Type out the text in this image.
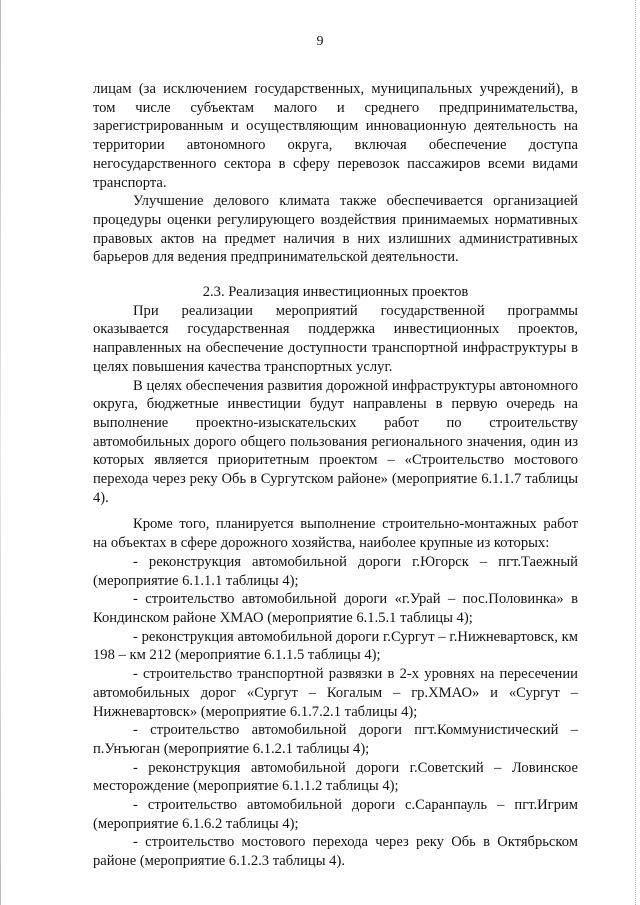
9

лицам (за исключением государственных, муниципальных учреждений), в том числе субъектам малого и среднего предпринимательства, зарегистрированным и осуществляющим инновационную деятельность на территории автономного округа, включая обеспечение доступа негосударственного сектора в сферу перевозок пассажиров всеми видами транспорта.

Улучшение делового климата также обеспечивается организацией процедуры оценки регулирующего воздействия принимаемых нормативных правовых актов на предмет наличия в них излишних административных барьеров для ведения предпринимательской деятельности.

2.3. Реализация инвестиционных проектов

При реализации мероприятий государственной программы оказывается государственная поддержка инвестиционных проектов, направленных на обеспечение доступности транспортной инфраструктуры в целях повышения качества транспортных услуг.

В целях обеспечения развития дорожной инфраструктуры автономного округа, бюджетные инвестиции будут направлены в первую очередь на выполнение проектно-изыскательских работ по строительству автомобильных дорого общего пользования регионального значения, один из которых является приоритетным проектом – «Строительство мостового перехода через реку Обь в Сургутском районе» (мероприятие 6.1.1.7 таблицы 4).

Кроме того, планируется выполнение строительно-монтажных работ на объектах в сфере дорожного хозяйства, наиболее крупные из которых:

- реконструкция автомобильной дороги г.Югорск – пгт.Таежный (мероприятие 6.1.1.1 таблицы 4);

- строительство автомобильной дороги «г.Урай – пос.Половинка» в Кондинском районе ХМАО (мероприятие 6.1.5.1 таблицы 4);

- реконструкция автомобильной дороги г.Сургут – г.Нижневартовск, км 198 – км 212 (мероприятие 6.1.1.5 таблицы 4);

- строительство транспортной развязки в 2-х уровнях на пересечении автомобильных дорог «Сургут – Когалым – гр.ХМАО» и «Сургут – Нижневартовск» (мероприятие 6.1.7.2.1 таблицы 4);

- строительство автомобильной дороги пгт.Коммунистический – п.Унъюган (мероприятие 6.1.2.1 таблицы 4);

- реконструкция автомобильной дороги г.Советский – Ловинское месторождение (мероприятие 6.1.1.2 таблицы 4);

- строительство автомобильной дороги с.Саранпауль – пгт.Игрим (мероприятие 6.1.6.2 таблицы 4);

- строительство мостового перехода через реку Обь в Октябрьском районе (мероприятие 6.1.2.3 таблицы 4).
